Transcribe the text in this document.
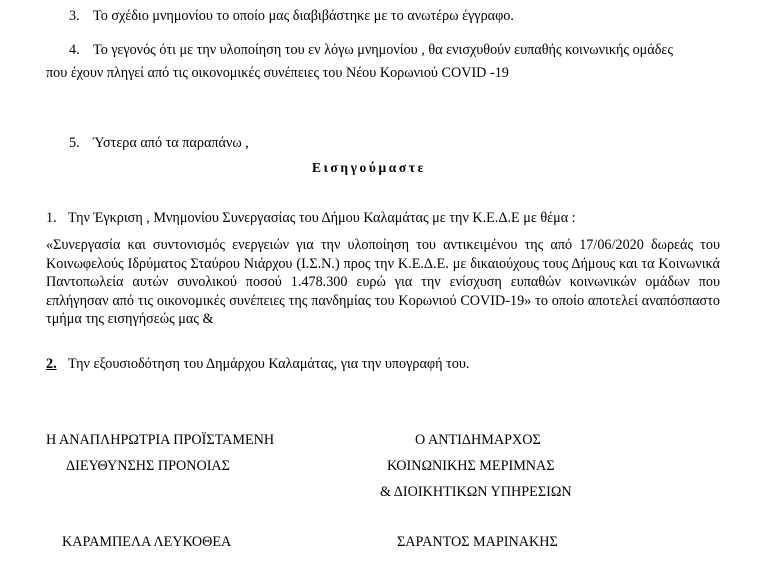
3. Το σχέδιο μνημονίου το οποίο μας διαβιβάστηκε με το ανωτέρω έγγραφο.
4. Το γεγονός ότι με την υλοποίηση του εν λόγω μνημονίου , θα ενισχυθούν ευπαθής κοινωνικής ομάδες
που έχουν πληγεί από τις οικονομικές συνέπειες του Νέου Κορωνιού COVID -19
5. Ύστερα από τα παραπάνω ,
Εισηγούμαστε
1. Την Έγκριση , Μνημονίου Συνεργασίας του Δήμου Καλαμάτας με την Κ.Ε.Δ.Ε με θέμα :
«Συνεργασία και συντονισμός ενεργειών για την υλοποίηση του αντικειμένου της από 17/06/2020 δωρεάς του Κοινωφελούς Ιδρύματος Σταύρου Νιάρχου (Ι.Σ.Ν.) προς την Κ.Ε.Δ.Ε. με δικαιούχους τους Δήμους και τα Κοινωνικά Παντοπωλεία αυτών συνολικού ποσού 1.478.300 ευρώ για την ενίσχυση ευπαθών κοινωνικών ομάδων που επλήγησαν από τις οικονομικές συνέπειες της πανδημίας του Κορωνιού COVID-19» το οποίο αποτελεί αναπόσπαστο τμήμα της εισηγήσεώς μας &
2. Την εξουσιοδότηση του Δημάρχου Καλαμάτας, για την υπογραφή του.
Η ΑΝΑΠΛΗΡΩΤΡΙΑ ΠΡΟΪΣΤΑΜΕΝΗ
ΔΙΕΥΘΥΝΣΗΣ ΠΡΟΝΟΙΑΣ
ΚΑΡΑΜΠΕΛΑ ΛΕΥΚΟΘΕΑ
Ο ΑΝΤΙΔΗΜΑΡΧΟΣ
ΚΟΙΝΩΝΙΚΗΣ ΜΕΡΙΜΝΑΣ
& ΔΙΟΙΚΗΤΙΚΩΝ ΥΠΗΡΕΣΙΩΝ
ΣΑΡΑΝΤΟΣ ΜΑΡΙΝΑΚΗΣ
